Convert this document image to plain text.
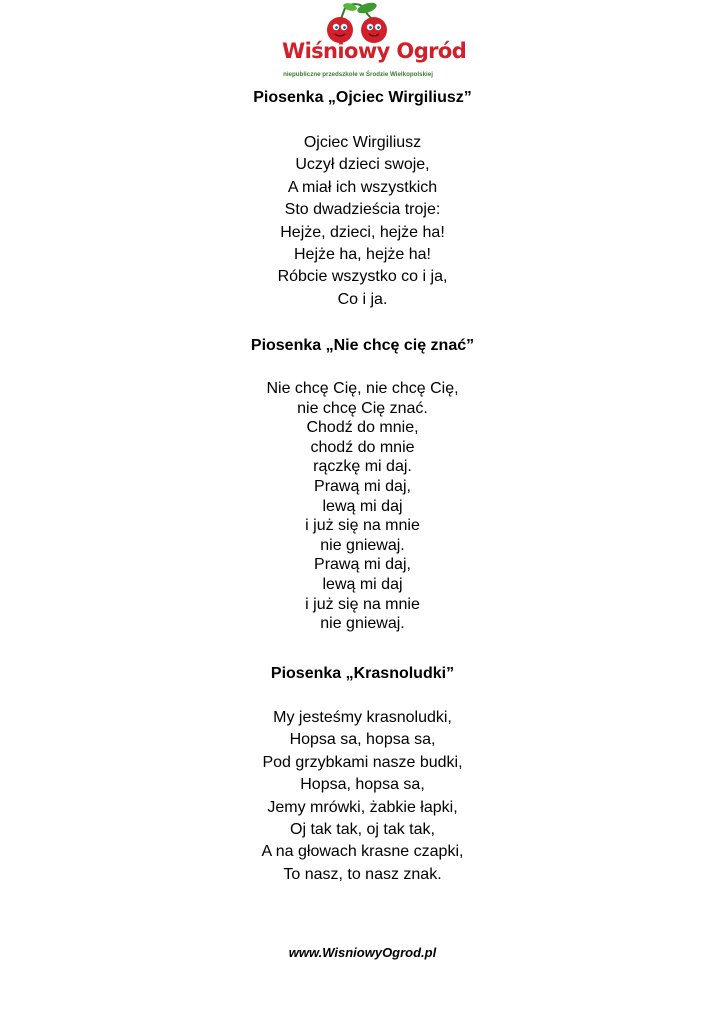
Wiśniowy Ogród
niepubliczne przedszkole w Środzie Wielkopolskiej
Piosenka „Ojciec Wirgiliusz”
Ojciec Wirgiliusz
Uczył dzieci swoje,
A miał ich wszystkich
Sto dwadzieścia troje:
Hejże, dzieci, hejże ha!
Hejże ha, hejże ha!
Róbcie wszystko co i ja,
Co i ja.
Piosenka „Nie chcę cię znać”
Nie chcę Cię, nie chcę Cię,
nie chcę Cię znać.
Chodź do mnie,
chodź do mnie
rączkę mi daj.
Prawą mi daj,
lewą mi daj
i już się na mnie
nie gniewaj.
Prawą mi daj,
lewą mi daj
i już się na mnie
nie gniewaj.
Piosenka „Krasnoludki”
My jesteśmy krasnoludki,
Hopsa sa, hopsa sa,
Pod grzybkami nasze budki,
Hopsa, hopsa sa,
Jemy mrówki, żabkie łapki,
Oj tak tak, oj tak tak,
A na głowach krasne czapki,
To nasz, to nasz znak.
www.WisniowyOgrod.pl
